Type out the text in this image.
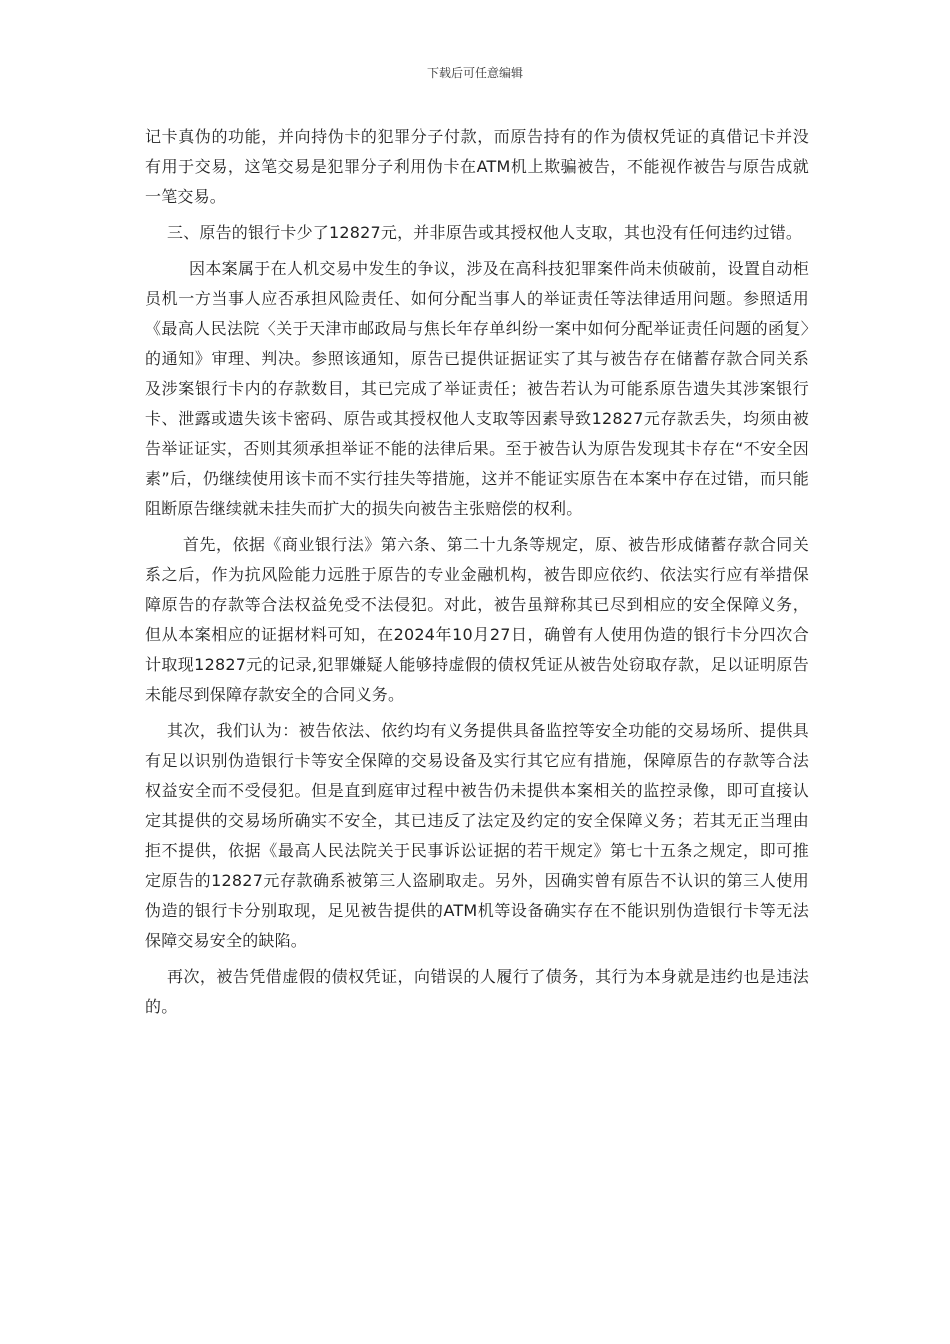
下载后可任意编辑

记卡真伪的功能，并向持伪卡的犯罪分子付款，而原告持有的作为债权凭证的真借记卡并没有用于交易，这笔交易是犯罪分子利用伪卡在ATM机上欺骗被告，不能视作被告与原告成就一笔交易。

三、原告的银行卡少了12827元，并非原告或其授权他人支取，其也没有任何违约过错。

因本案属于在人机交易中发生的争议，涉及在高科技犯罪案件尚未侦破前，设置自动柜员机一方当事人应否承担风险责任、如何分配当事人的举证责任等法律适用问题。参照适用《最高人民法院〈关于天津市邮政局与焦长年存单纠纷一案中如何分配举证责任问题的函复〉的通知》审理、判决。参照该通知，原告已提供证据证实了其与被告存在储蓄存款合同关系及涉案银行卡内的存款数目，其已完成了举证责任；被告若认为可能系原告遗失其涉案银行卡、泄露或遗失该卡密码、原告或其授权他人支取等因素导致12827元存款丢失，均须由被告举证证实，否则其须承担举证不能的法律后果。至于被告认为原告发现其卡存在“不安全因素”后，仍继续使用该卡而不实行挂失等措施，这并不能证实原告在本案中存在过错，而只能阻断原告继续就未挂失而扩大的损失向被告主张赔偿的权利。

首先，依据《商业银行法》第六条、第二十九条等规定，原、被告形成储蓄存款合同关系之后，作为抗风险能力远胜于原告的专业金融机构，被告即应依约、依法实行应有举措保障原告的存款等合法权益免受不法侵犯。对此，被告虽辩称其已尽到相应的安全保障义务，但从本案相应的证据材料可知，在2024年10月27日，确曾有人使用伪造的银行卡分四次合计取现12827元的记录,犯罪嫌疑人能够持虚假的债权凭证从被告处窃取存款，足以证明原告未能尽到保障存款安全的合同义务。

其次，我们认为：被告依法、依约均有义务提供具备监控等安全功能的交易场所、提供具有足以识别伪造银行卡等安全保障的交易设备及实行其它应有措施，保障原告的存款等合法权益安全而不受侵犯。但是直到庭审过程中被告仍未提供本案相关的监控录像，即可直接认定其提供的交易场所确实不安全，其已违反了法定及约定的安全保障义务；若其无正当理由拒不提供，依据《最高人民法院关于民事诉讼证据的若干规定》第七十五条之规定，即可推定原告的12827元存款确系被第三人盗刷取走。另外，因确实曾有原告不认识的第三人使用伪造的银行卡分别取现，足见被告提供的ATM机等设备确实存在不能识别伪造银行卡等无法保障交易安全的缺陷。

再次，被告凭借虚假的债权凭证，向错误的人履行了债务，其行为本身就是违约也是违法的。
